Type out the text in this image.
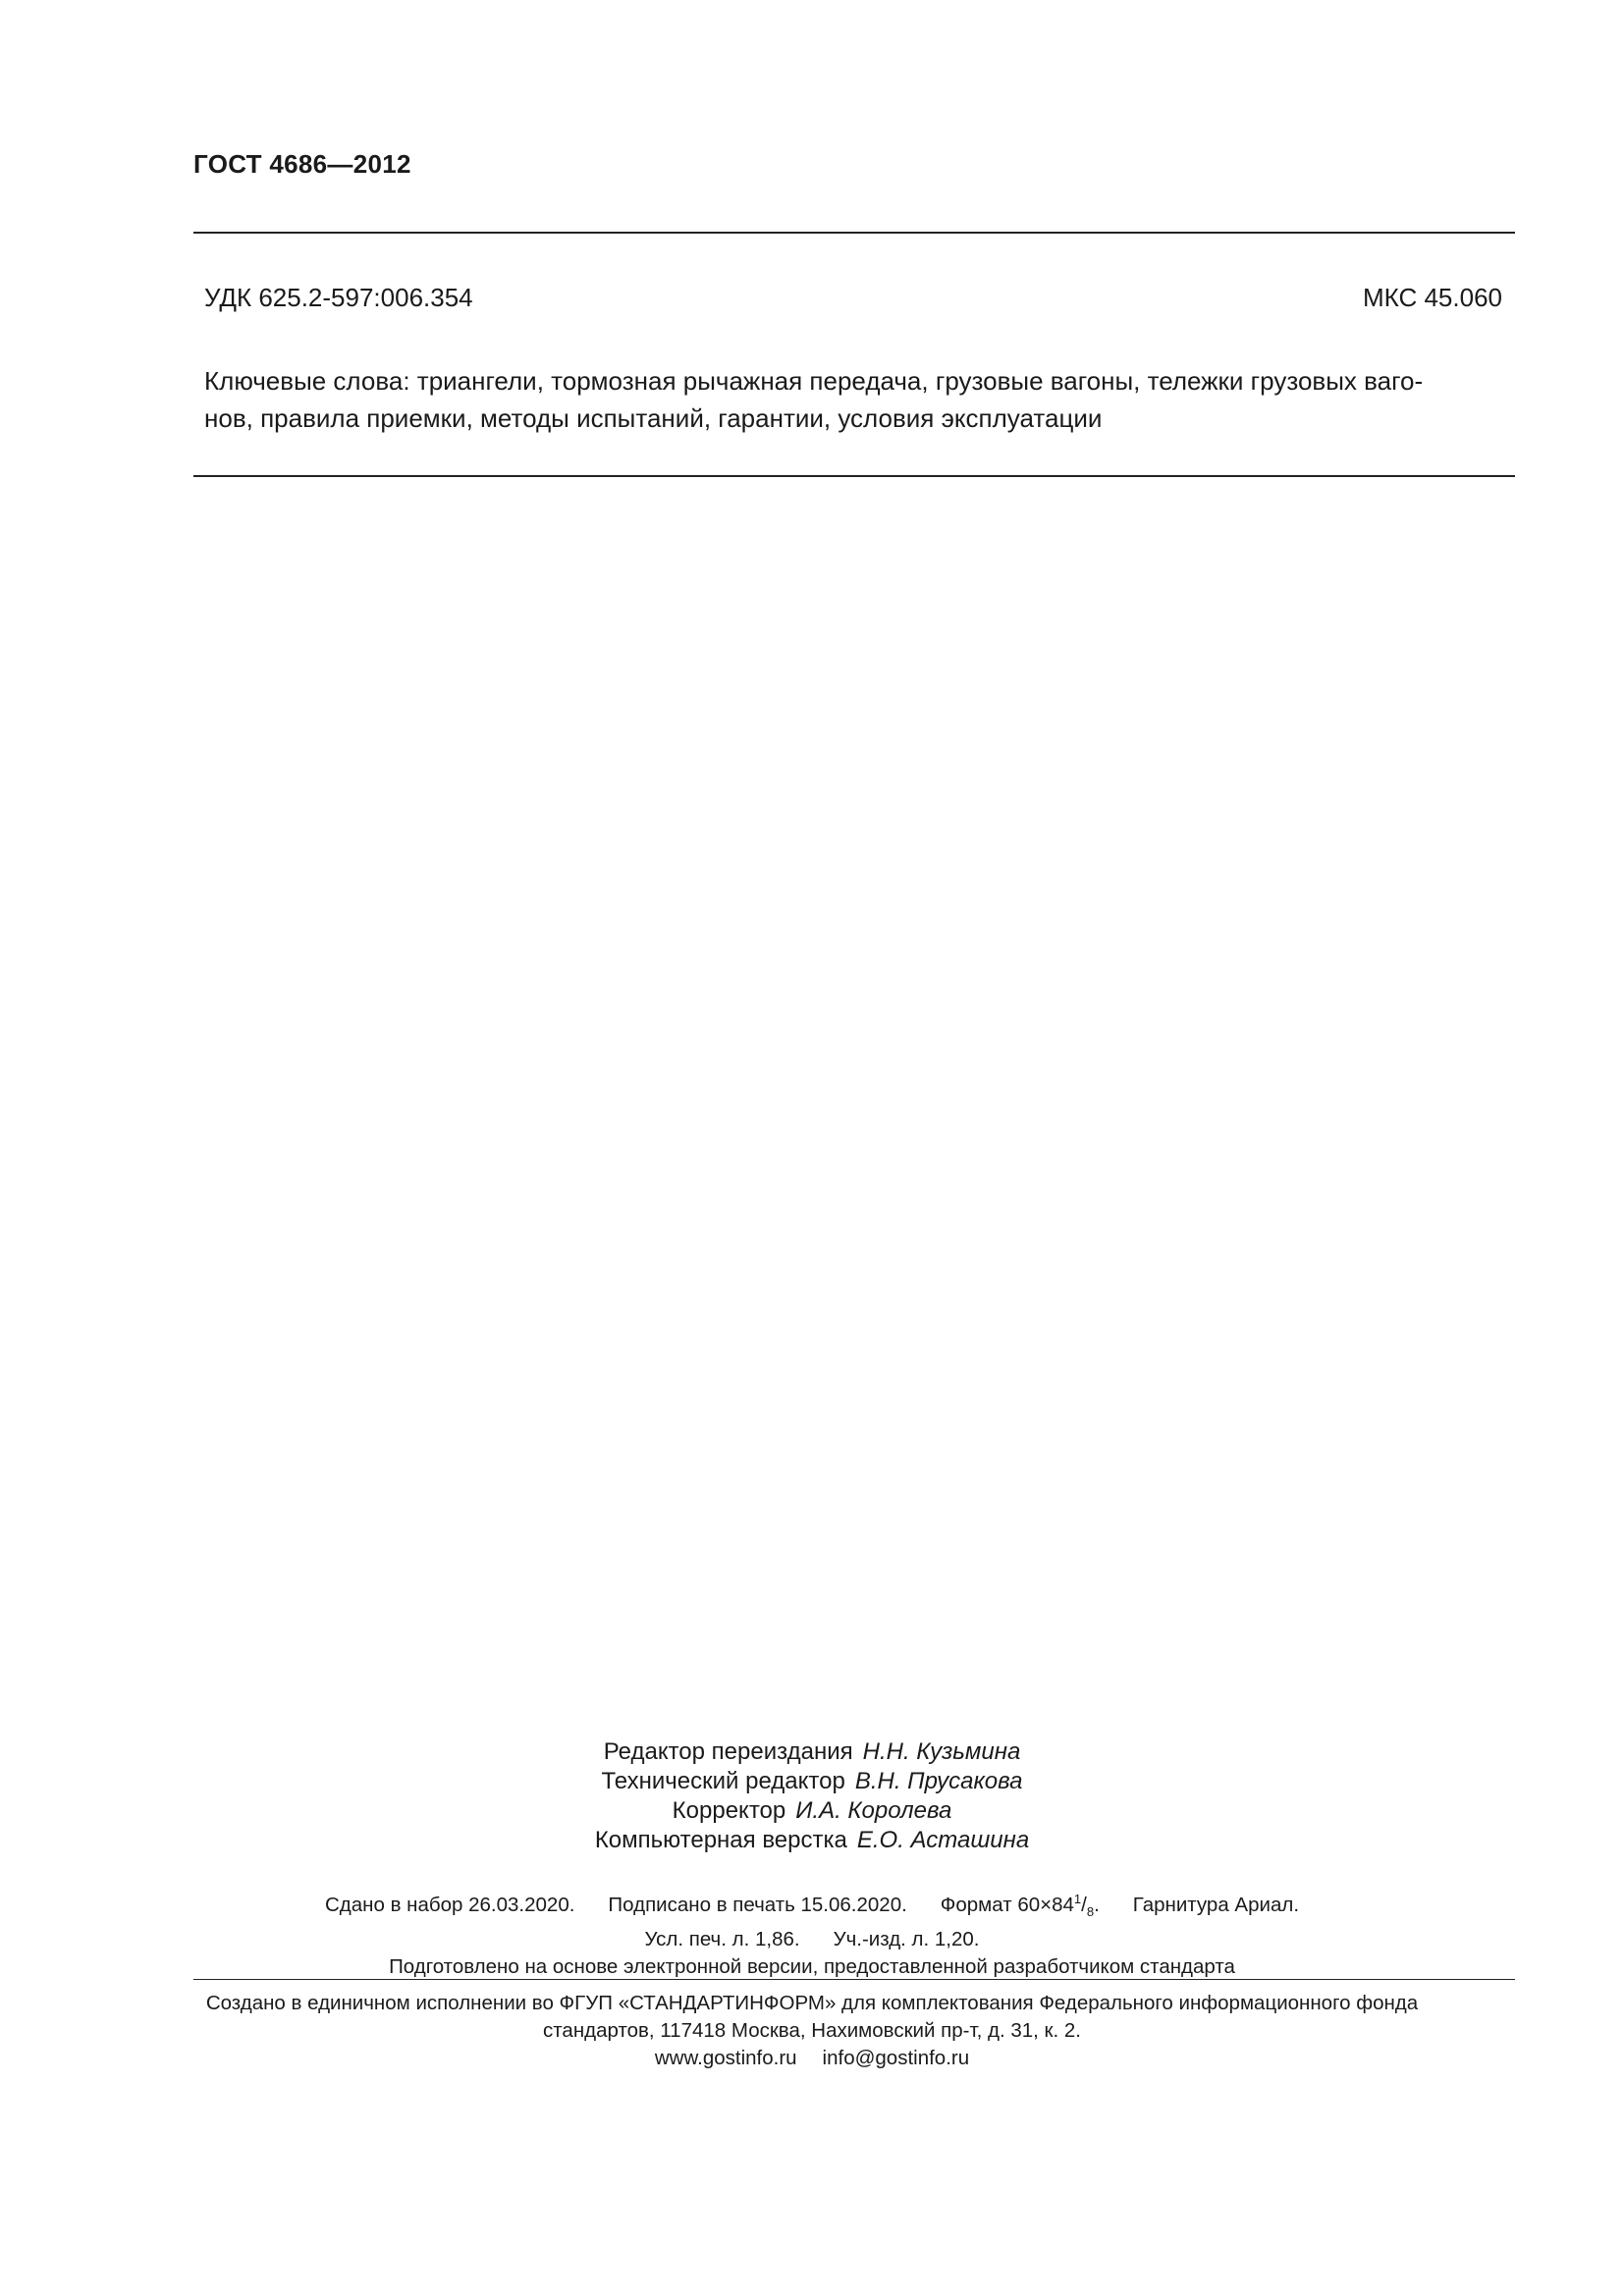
ГОСТ 4686—2012
УДК 625.2-597:006.354	МКС 45.060
Ключевые слова: триангели, тормозная рычажная передача, грузовые вагоны, тележки грузовых ваго-
нов, правила приемки, методы испытаний, гарантии, условия эксплуатации
Редактор переиздания Н.Н. Кузьмина
Технический редактор В.Н. Прусакова
Корректор И.А. Королева
Компьютерная верстка Е.О. Асташина
Сдано в набор 26.03.2020. Подписано в печать 15.06.2020. Формат $60\times 84^1/_8$. Гарнитура Ариал.
Усл. печ. л. 1,86. Уч.-изд. л. 1,20.
Подготовлено на основе электронной версии, предоставленной разработчиком стандарта
Создано в единичном исполнении во ФГУП «СТАНДАРТИНФОРМ» для комплектования Федерального информационного фонда
стандартов, 117418 Москва, Нахимовский пр-т, д. 31, к. 2.
www.gostinfo.ru info@gostinfo.ru
